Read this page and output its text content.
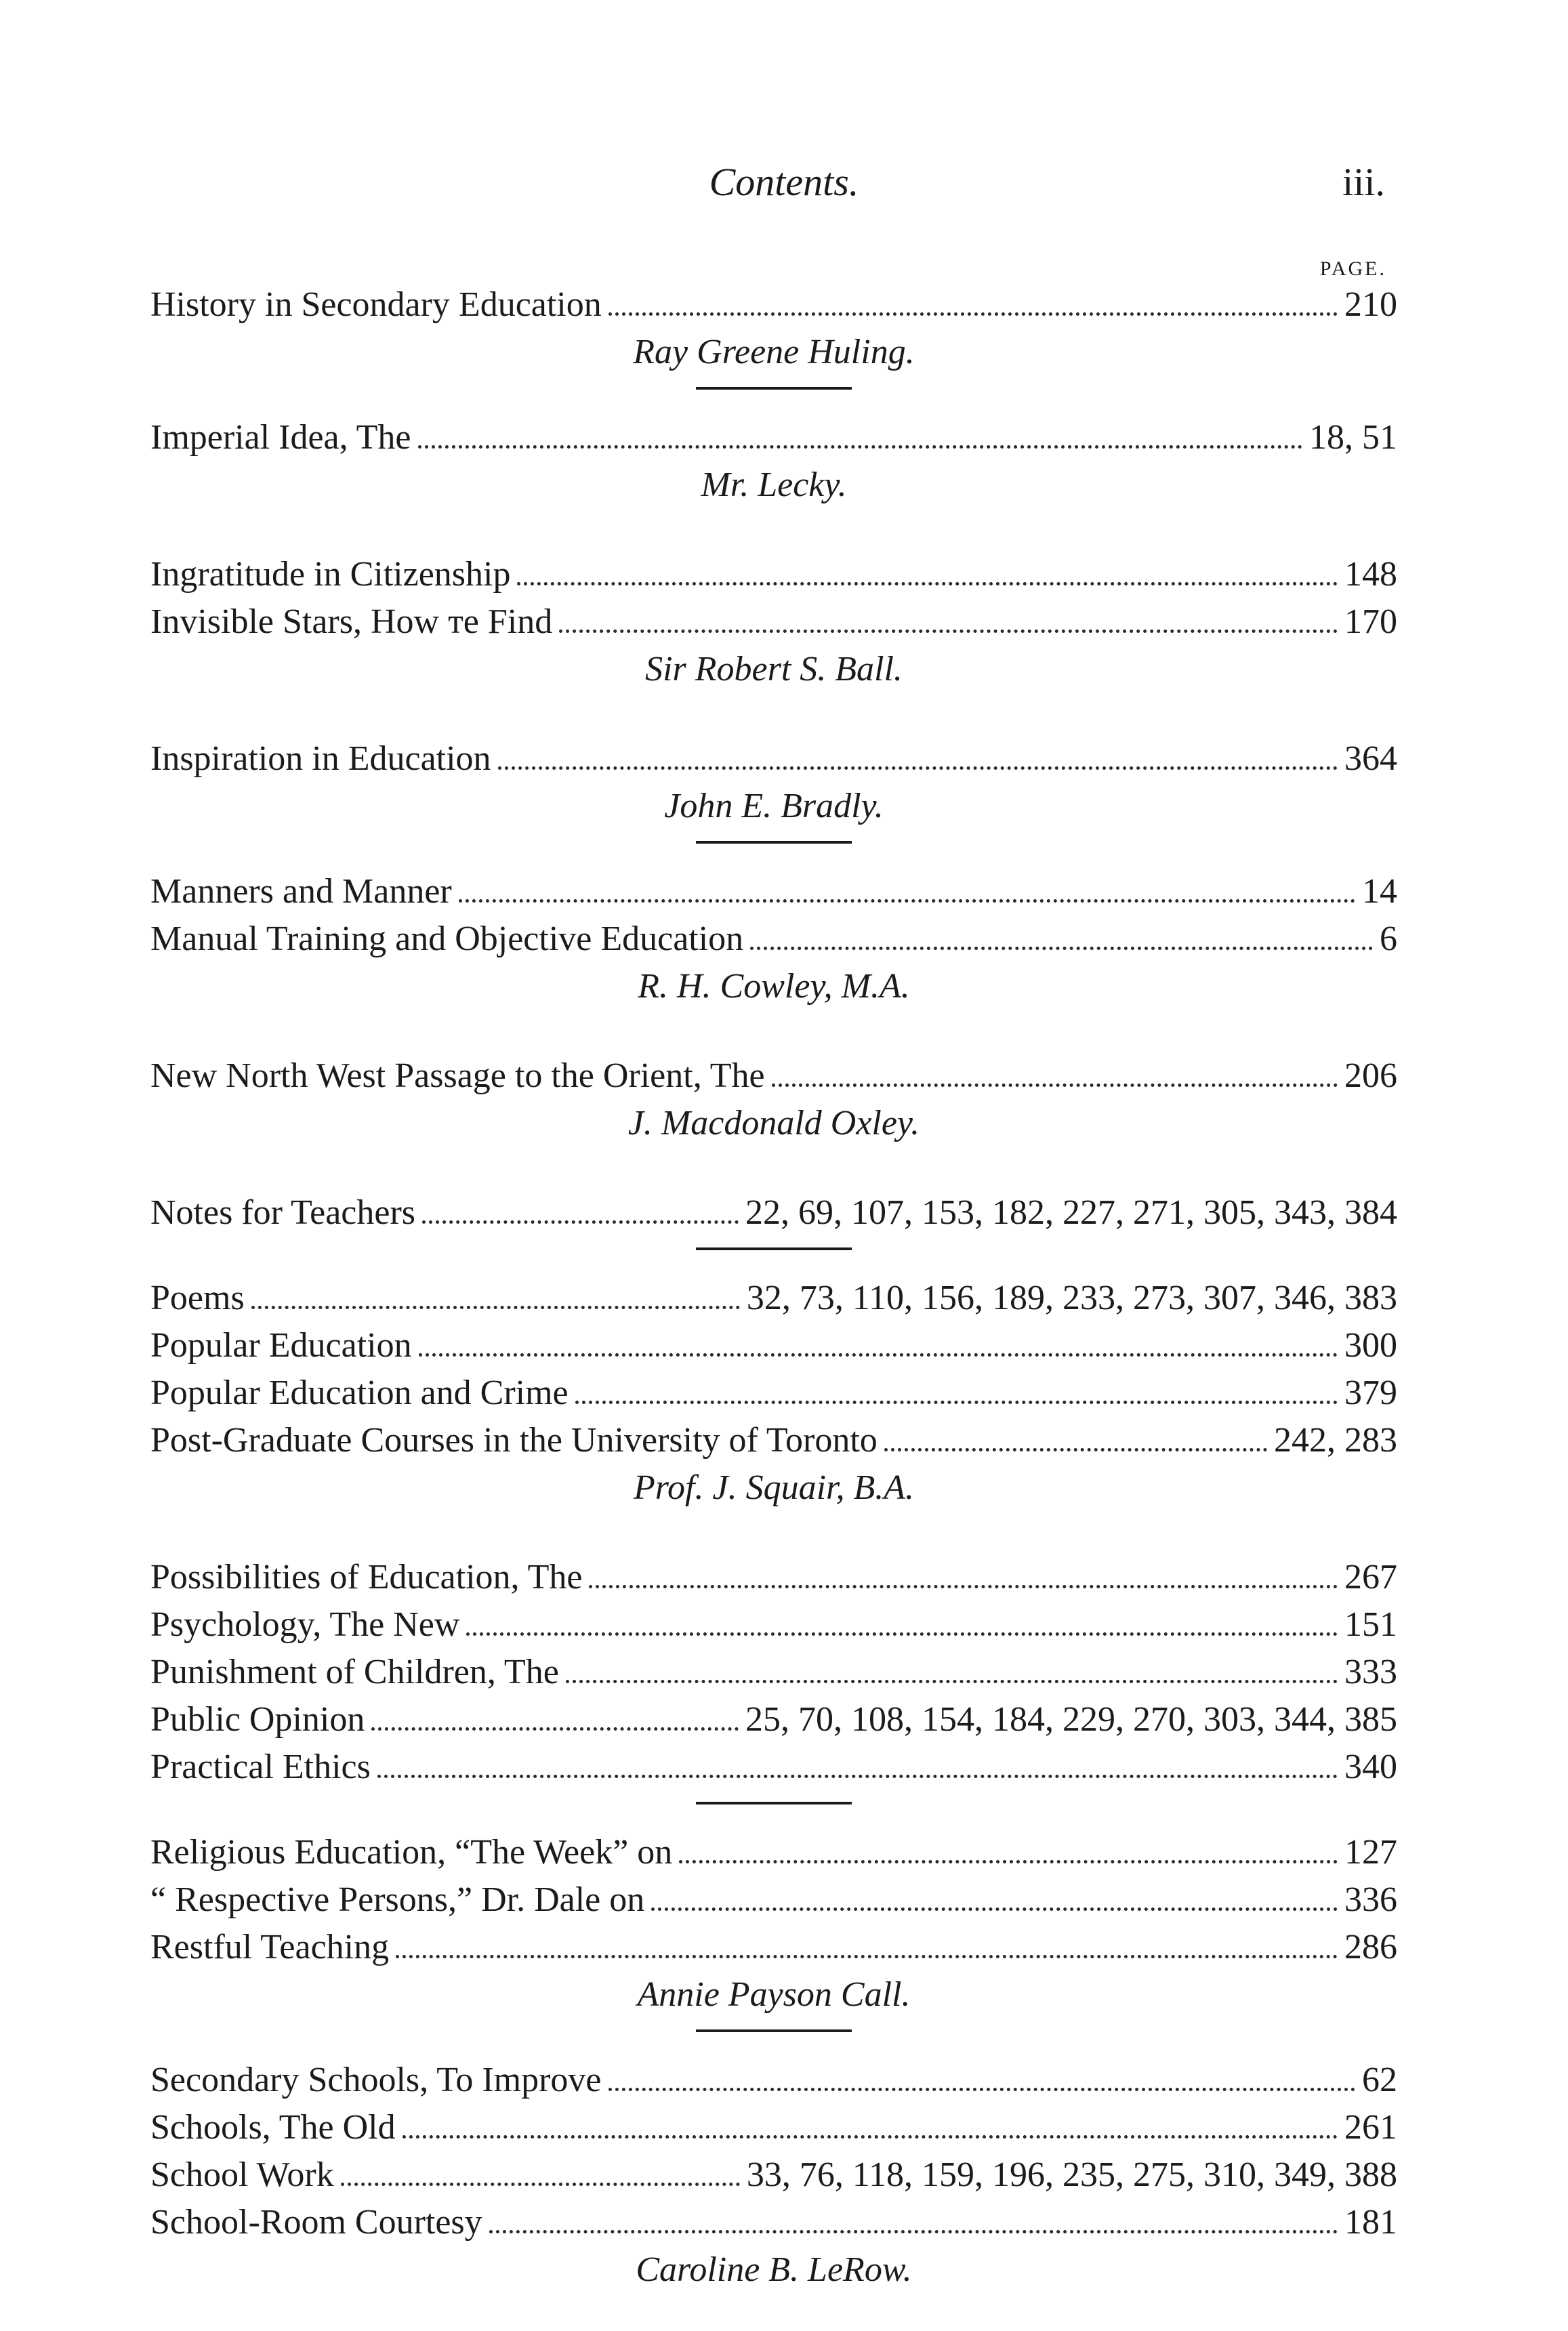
Contents.	iii.
PAGE.
History in Secondary Education	210
Ray Greene Huling.
Imperial Idea, The	18, 51
Mr. Lecky.
Ingratitude in Citizenship	148
Invisible Stars, How тe Find	170
Sir Robert S. Ball.
Inspiration in Education	364
John E. Bradly.
Manners and Manner	14
Manual Training and Objective Education	6
R. H. Cowley, M.A.
New North West Passage to the Orient, The	206
J. Macdonald Oxley.
Notes for Teachers	22, 69, 107, 153, 182, 227, 271, 305, 343, 384
Poems	32, 73, 110, 156, 189, 233, 273, 307, 346, 383
Popular Education	300
Popular Education and Crime	379
Post-Graduate Courses in the University of Toronto	242, 283
Prof. J. Squair, B.A.
Possibilities of Education, The	267
Psychology, The New	151
Punishment of Children, The	333
Public Opinion	25, 70, 108, 154, 184, 229, 270, 303, 344, 385
Practical Ethics	340
Religious Education, “The Week” on	127
“ Respective Persons,” Dr. Dale on	336
Restful Teaching	286
Annie Payson Call.
Secondary Schools, To Improve	62
Schools, The Old	261
School Work	33, 76, 118, 159, 196, 235, 275, 310, 349, 388
School-Room Courtesy	181
Caroline B. LeRow.
